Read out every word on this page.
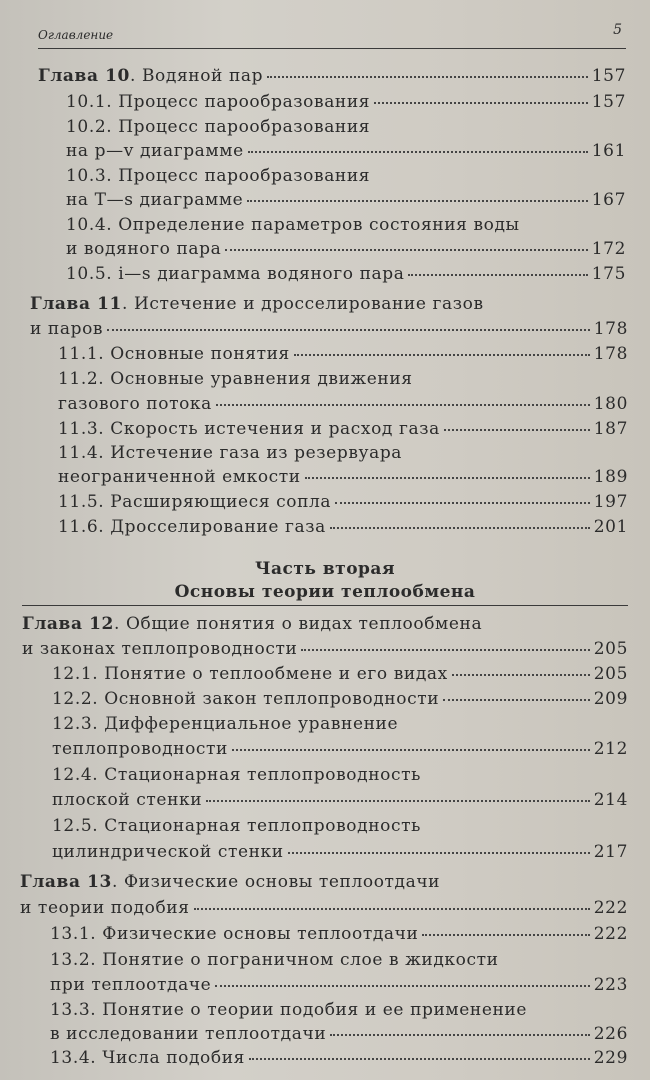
Оглавление	5
Глава 10. Водяной пар	157
10.1. Процесс парообразования	157
10.2. Процесс парообразования
на p—v диаграмме	161
10.3. Процесс парообразования
на T—s диаграмме	167
10.4. Определение параметров состояния воды
и водяного пара	172
10.5. i—s диаграмма водяного пара	175
Глава 11. Истечение и дросселирование газов
и паров	178
11.1. Основные понятия	178
11.2. Основные уравнения движения
газового потока	180
11.3. Скорость истечения и расход газа	187
11.4. Истечение газа из резервуара
неограниченной емкости	189
11.5. Расширяющиеся сопла	197
11.6. Дросселирование газа	201
Часть вторая
Основы теории теплообмена
Глава 12. Общие понятия о видах теплообмена
и законах теплопроводности	205
12.1. Понятие о теплообмене и его видах	205
12.2. Основной закон теплопроводности	209
12.3. Дифференциальное уравнение
теплопроводности	212
12.4. Стационарная теплопроводность
плоской стенки	214
12.5. Стационарная теплопроводность
цилиндрической стенки	217
Глава 13. Физические основы теплоотдачи
и теории подобия	222
13.1. Физические основы теплоотдачи	222
13.2. Понятие о пограничном слое в жидкости
при теплоотдаче	223
13.3. Понятие о теории подобия и ее применение
в исследовании теплоотдачи	226
13.4. Числа подобия	229
